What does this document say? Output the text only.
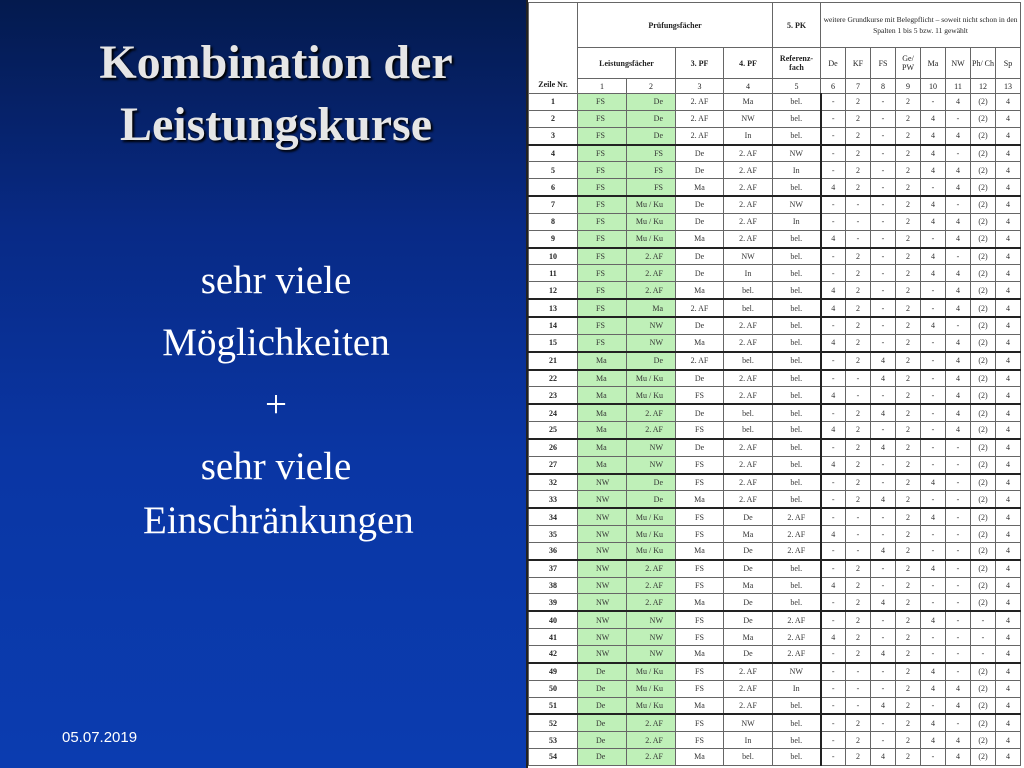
Kombination der
Leistungskurse
sehr viele
Möglichkeiten
+
sehr viele
Einschränkungen
05.07.2019
Zeile Nr.	Prüfungsfächer				5. PK	weitere Grundkurse mit Belegpflicht – soweit nicht schon in den Spalten 1 bis 5 bzw. 11 gewählt							
	Leistungsfächer		3. PF	4. PF	Referenz- fach	De	KF	FS	Ge/ PW	Ma	NW	Ph/ Ch	Sp
	1	2	3	4	5	6	7	8	9	10	11	12	13
1	FS	De	2. AF	Ma	bel.	-	2	-	2	-	4	(2)	4
2	FS	De	2. AF	NW	bel.	-	2	-	2	4	-	(2)	4
3	FS	De	2. AF	In	bel.	-	2	-	2	4	4	(2)	4
4	FS	FS	De	2. AF	NW	-	2	-	2	4	-	(2)	4
5	FS	FS	De	2. AF	In	-	2	-	2	4	4	(2)	4
6	FS	FS	Ma	2. AF	bel.	4	2	-	2	-	4	(2)	4
7	FS	Mu / Ku	De	2. AF	NW	-	-	-	2	4	-	(2)	4
8	FS	Mu / Ku	De	2. AF	In	-	-	-	2	4	4	(2)	4
9	FS	Mu / Ku	Ma	2. AF	bel.	4	-	-	2	-	4	(2)	4
10	FS	2. AF	De	NW	bel.	-	2	-	2	4	-	(2)	4
11	FS	2. AF	De	In	bel.	-	2	-	2	4	4	(2)	4
12	FS	2. AF	Ma	bel.	bel.	4	2	-	2	-	4	(2)	4
13	FS	Ma	2. AF	bel.	bel.	4	2	-	2	-	4	(2)	4
14	FS	NW	De	2. AF	bel.	-	2	-	2	4	-	(2)	4
15	FS	NW	Ma	2. AF	bel.	4	2	-	2	-	4	(2)	4
21	Ma	De	2. AF	bel.	bel.	-	2	4	2	-	4	(2)	4
22	Ma	Mu / Ku	De	2. AF	bel.	-	-	4	2	-	4	(2)	4
23	Ma	Mu / Ku	FS	2. AF	bel.	4	-	-	2	-	4	(2)	4
24	Ma	2. AF	De	bel.	bel.	-	2	4	2	-	4	(2)	4
25	Ma	2. AF	FS	bel.	bel.	4	2	-	2	-	4	(2)	4
26	Ma	NW	De	2. AF	bel.	-	2	4	2	-	-	(2)	4
27	Ma	NW	FS	2. AF	bel.	4	2	-	2	-	-	(2)	4
32	NW	De	FS	2. AF	bel.	-	2	-	2	4	-	(2)	4
33	NW	De	Ma	2. AF	bel.	-	2	4	2	-	-	(2)	4
34	NW	Mu / Ku	FS	De	2. AF	-	-	-	2	4	-	(2)	4
35	NW	Mu / Ku	FS	Ma	2. AF	4	-	-	2	-	-	(2)	4
36	NW	Mu / Ku	Ma	De	2. AF	-	-	4	2	-	-	(2)	4
37	NW	2. AF	FS	De	bel.	-	2	-	2	4	-	(2)	4
38	NW	2. AF	FS	Ma	bel.	4	2	-	2	-	-	(2)	4
39	NW	2. AF	Ma	De	bel.	-	2	4	2	-	-	(2)	4
40	NW	NW	FS	De	2. AF	-	2	-	2	4	-	-	4
41	NW	NW	FS	Ma	2. AF	4	2	-	2	-	-	-	4
42	NW	NW	Ma	De	2. AF	-	2	4	2	-	-	-	4
49	De	Mu / Ku	FS	2. AF	NW	-	-	-	2	4	-	(2)	4
50	De	Mu / Ku	FS	2. AF	In	-	-	-	2	4	4	(2)	4
51	De	Mu / Ku	Ma	2. AF	bel.	-	-	4	2	-	4	(2)	4
52	De	2. AF	FS	NW	bel.	-	2	-	2	4	-	(2)	4
53	De	2. AF	FS	In	bel.	-	2	-	2	4	4	(2)	4
54	De	2. AF	Ma	bel.	bel.	-	2	4	2	-	4	(2)	4
